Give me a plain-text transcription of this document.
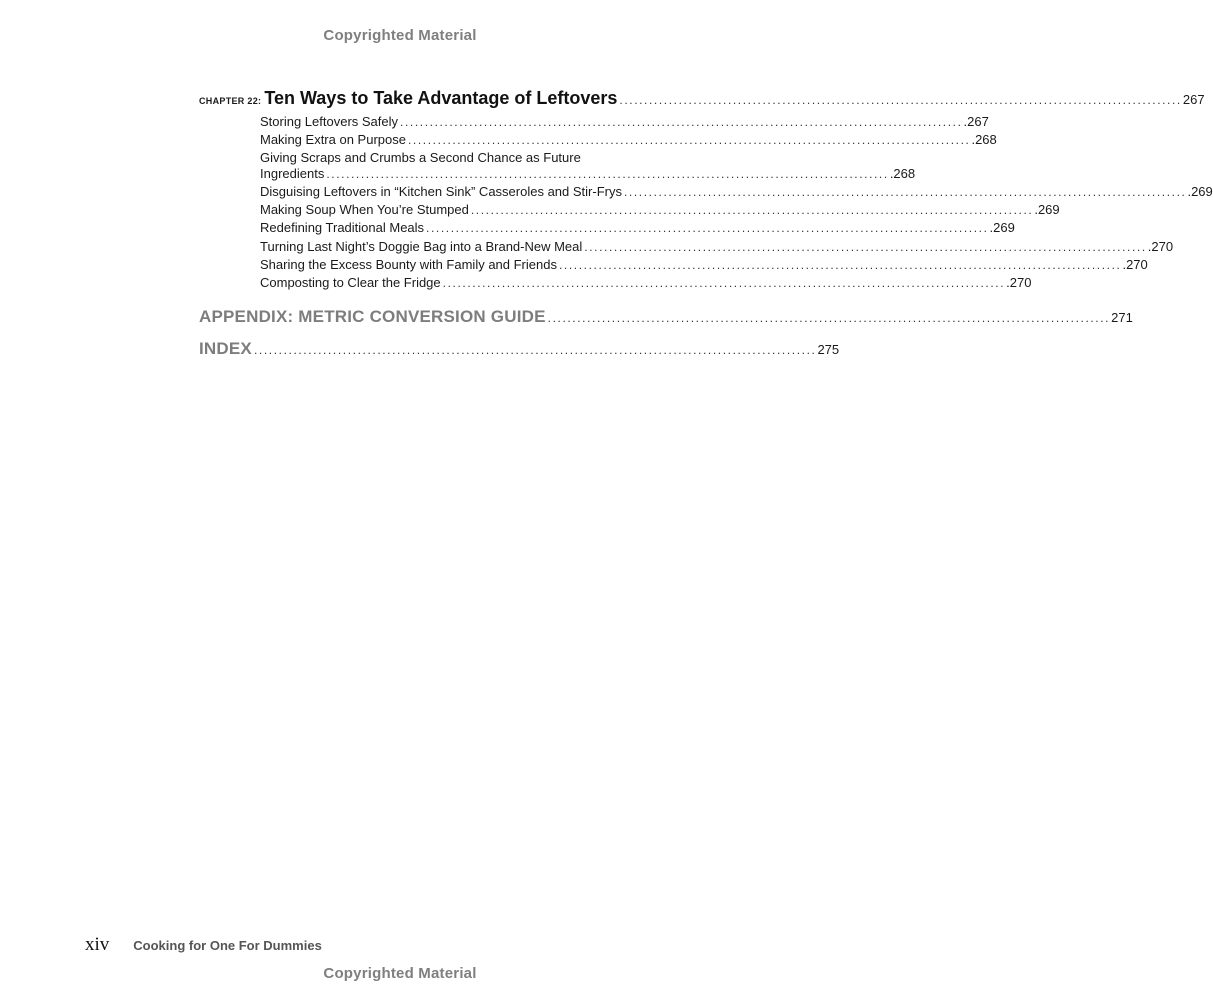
Copyrighted Material
CHAPTER 22: Ten Ways to Take Advantage of Leftovers .................................................................................................................. 267
Storing Leftovers Safely .................................................................................................................. .267
Making Extra on Purpose .................................................................................................................. .268
Giving Scraps and Crumbs a Second Chance as Future
Ingredients .................................................................................................................. .268
Disguising Leftovers in “Kitchen Sink” Casseroles and Stir-Frys .................................................................................................................. .269
Making Soup When You’re Stumped .................................................................................................................. .269
Redefining Traditional Meals .................................................................................................................. .269
Turning Last Night’s Doggie Bag into a Brand-New Meal .................................................................................................................. .270
Sharing the Excess Bounty with Family and Friends .................................................................................................................. .270
Composting to Clear the Fridge .................................................................................................................. .270
APPENDIX: METRIC CONVERSION GUIDE .................................................................................................................. 271
INDEX .................................................................................................................. 275
xiv Cooking for One For Dummies
Copyrighted Material
